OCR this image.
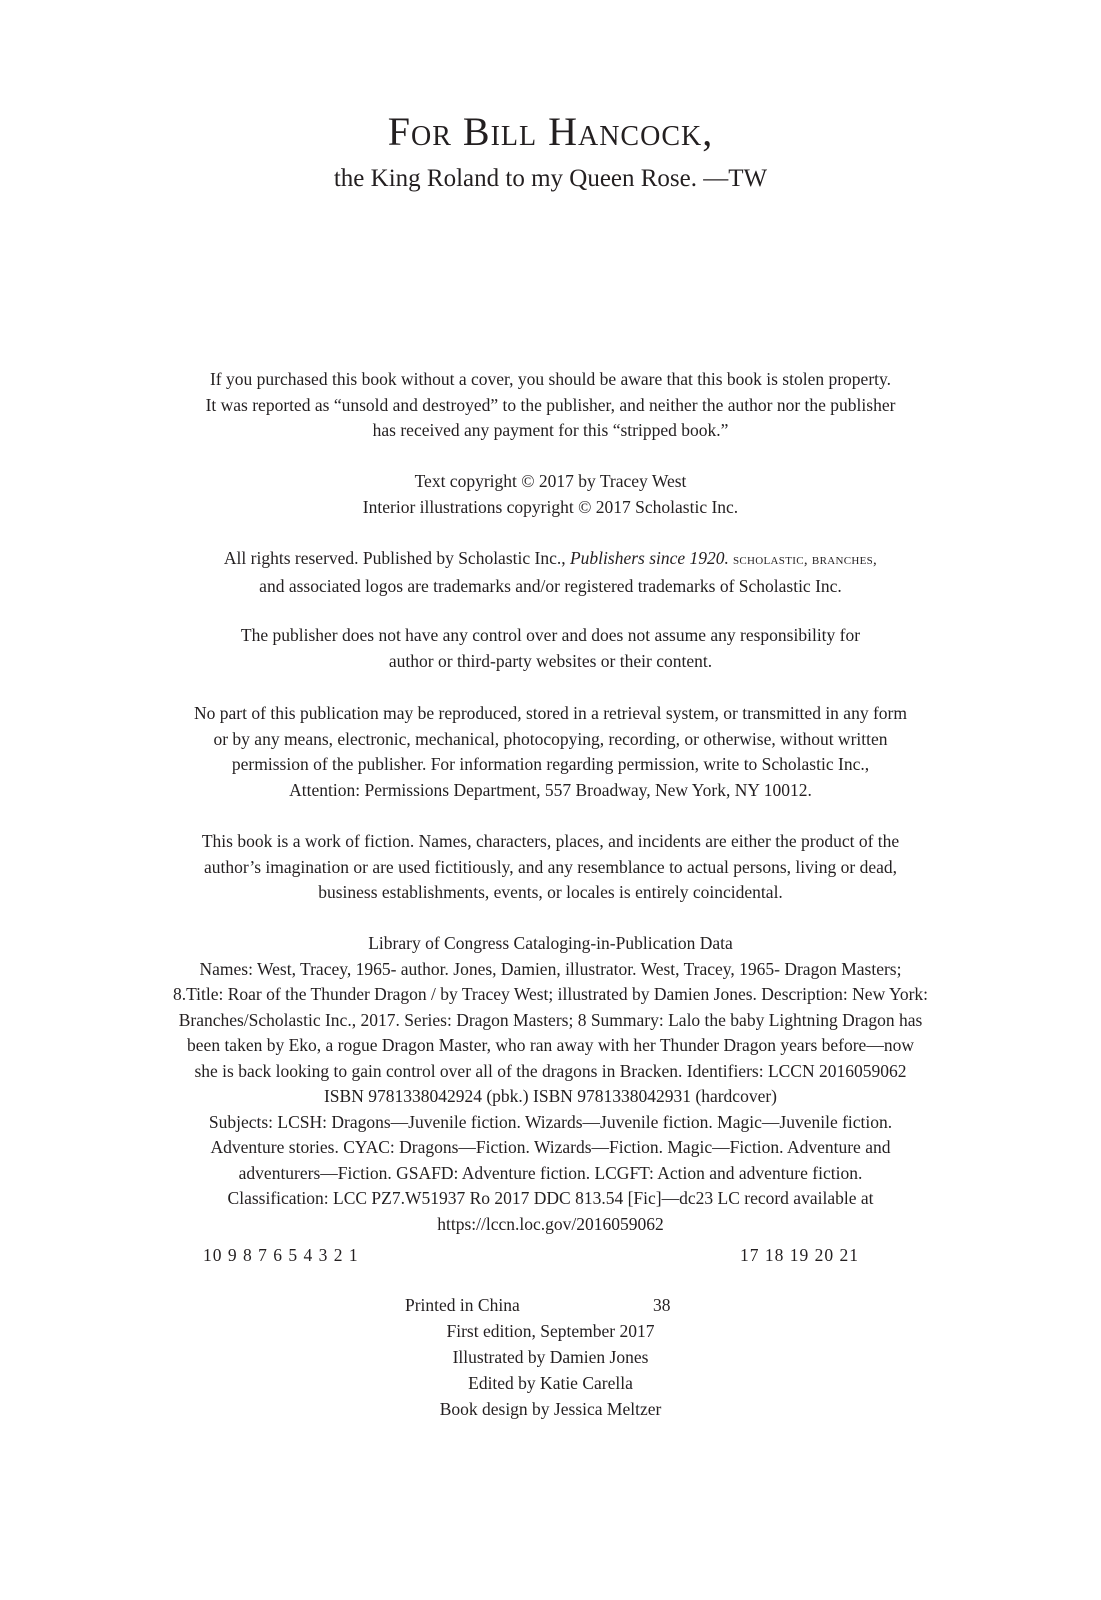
For Bill Hancock,
the King Roland to my Queen Rose. —TW

If you purchased this book without a cover, you should be aware that this book is stolen property.

It was reported as “unsold and destroyed” to the publisher, and neither the author nor the publisher

has received any payment for this “stripped book.”

Text copyright © 2017 by Tracey West

Interior illustrations copyright © 2017 Scholastic Inc.

All rights reserved. Published by Scholastic Inc., Publishers since 1920. scholastic, branches,

and associated logos are trademarks and/or registered trademarks of Scholastic Inc.

The publisher does not have any control over and does not assume any responsibility for

author or third-party websites or their content.

No part of this publication may be reproduced, stored in a retrieval system, or transmitted in any form

or by any means, electronic, mechanical, photocopying, recording, or otherwise, without written

permission of the publisher. For information regarding permission, write to Scholastic Inc.,

Attention: Permissions Department, 557 Broadway, New York, NY 10012.

This book is a work of fiction. Names, characters, places, and incidents are either the product of the

author’s imagination or are used fictitiously, and any resemblance to actual persons, living or dead,

business establishments, events, or locales is entirely coincidental.

Library of Congress Cataloging-in-Publication Data

Names: West, Tracey, 1965- author. Jones, Damien, illustrator. West, Tracey, 1965- Dragon Masters;

8.Title: Roar of the Thunder Dragon / by Tracey West; illustrated by Damien Jones. Description: New York:

Branches/Scholastic Inc., 2017. Series: Dragon Masters; 8 Summary: Lalo the baby Lightning Dragon has

been taken by Eko, a rogue Dragon Master, who ran away with her Thunder Dragon years before—now

she is back looking to gain control over all of the dragons in Bracken. Identifiers: LCCN 2016059062

ISBN 9781338042924 (pbk.) ISBN 9781338042931 (hardcover)

Subjects: LCSH: Dragons—Juvenile fiction. Wizards—Juvenile fiction. Magic—Juvenile fiction.

Adventure stories. CYAC: Dragons—Fiction. Wizards—Fiction. Magic—Fiction. Adventure and

adventurers—Fiction. GSAFD: Adventure fiction. LCGFT: Action and adventure fiction.

Classification: LCC PZ7.W51937 Ro 2017 DDC 813.54 [Fic]—dc23 LC record available at

https://lccn.loc.gov/2016059062

10 9 8 7 6 5 4 3 2 1	17 18 19 20 21
Printed in China	38

First edition, September 2017

Illustrated by Damien Jones

Edited by Katie Carella

Book design by Jessica Meltzer
